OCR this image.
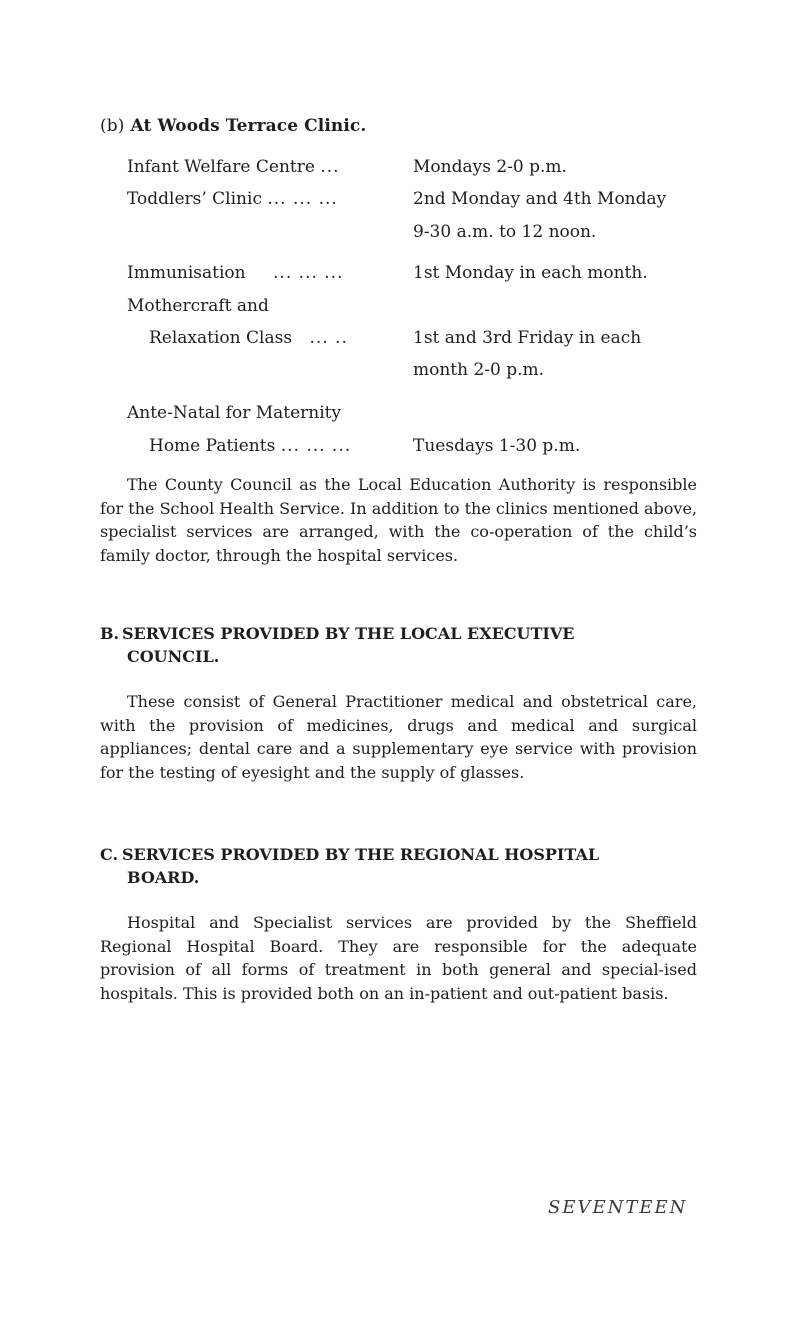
(b) At Woods Terrace Clinic.
Infant Welfare Centre ...	Mondays 2-0 p.m.
Toddlers’ Clinic ... ... ...	2nd Monday and 4th Monday
9-30 a.m. to 12 noon.
Immunisation ... ... ...	1st Monday in each month.
Mothercraft and
Relaxation Class ... ..	1st and 3rd Friday in each
month 2-0 p.m.
Ante-Natal for Maternity
Home Patients ... ... ...	Tuesdays 1-30 p.m.

The County Council as the Local Education Authority is responsible for the School Health Service. In addition to the clinics mentioned above, specialist services are arranged, with the co-operation of the child’s family doctor, through the hospital services.

B. SERVICES PROVIDED BY THE LOCAL EXECUTIVE
COUNCIL.

These consist of General Practitioner medical and obstetrical care, with the provision of medicines, drugs and medical and surgical appliances; dental care and a supplementary eye service with provision for the testing of eyesight and the supply of glasses.

C. SERVICES PROVIDED BY THE REGIONAL HOSPITAL
BOARD.

Hospital and Specialist services are provided by the Sheffield Regional Hospital Board. They are responsible for the adequate provision of all forms of treatment in both general and special-ised hospitals. This is provided both on an in-patient and out-patient basis.

SEVENTEEN
